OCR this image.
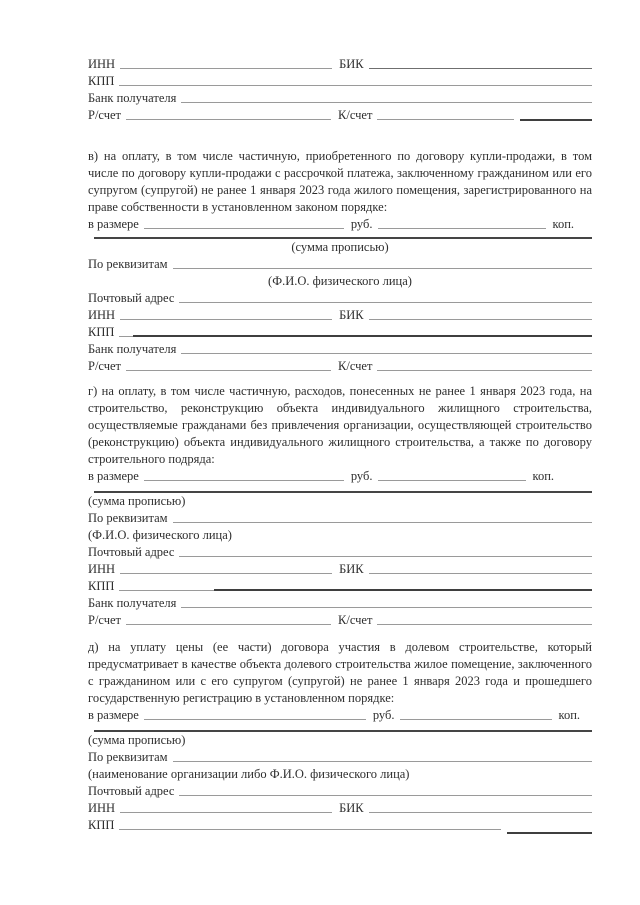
ИНН	БИК
КПП
Банк получателя
Р/счет	К/счет

в) на оплату, в том числе частичную, приобретенного по договору купли-продажи, в том числе по договору купли-продажи с рассрочкой платежа, заключенному гражданином или его супругом (супругой) не ранее 1 января 2023 года жилого помещения, зарегистрированного на праве собственности в установленном законом порядке:

в размере	руб.	коп.
(сумма прописью)
По реквизитам
(Ф.И.О. физического лица)
Почтовый адрес
ИНН	БИК
КПП
Банк получателя
Р/счет	К/счет

г) на оплату, в том числе частичную, расходов, понесенных не ранее 1 января 2023 года, на строительство, реконструкцию объекта индивидуального жилищного строительства, осуществляемые гражданами без привлечения организации, осуществляющей строительство (реконструкцию) объекта индивидуального жилищного строительства, а также по договору строительного подряда:

в размере	руб.	коп.
(сумма прописью)
По реквизитам
(Ф.И.О. физического лица)
Почтовый адрес
ИНН	БИК
КПП
Банк получателя
Р/счет	К/счет

д) на уплату цены (ее части) договора участия в долевом строительстве, который предусматривает в качестве объекта долевого строительства жилое помещение, заключенного с гражданином или с его супругом (супругой) не ранее 1 января 2023 года и прошедшего государственную регистрацию в установленном порядке:

в размере	руб.	коп.
(сумма прописью)
По реквизитам
(наименование организации либо Ф.И.О. физического лица)
Почтовый адрес
ИНН	БИК
КПП
